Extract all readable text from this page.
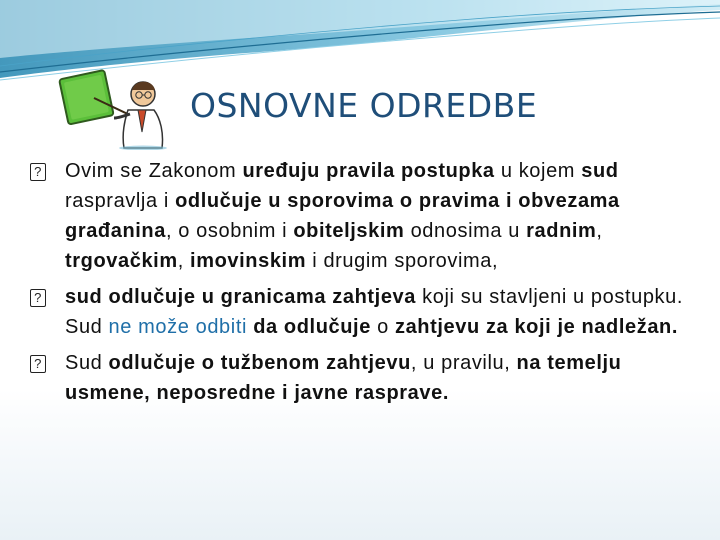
OSNOVNE ODREDBE
? Ovim se Zakonom uređuju pravila postupka u kojem sud raspravlja i odlučuje u sporovima o pravima i obvezama građanina, o osobnim i obiteljskim odnosima u radnim, trgovačkim, imovinskim i drugim sporovima,
? sud odlučuje u granicama zahtjeva koji su stavljeni u postupku. Sud ne može odbiti da odlučuje o zahtjevu za koji je nadležan.
? Sud odlučuje o tužbenom zahtjevu, u pravilu, na temelju usmene, neposredne i javne rasprave.
